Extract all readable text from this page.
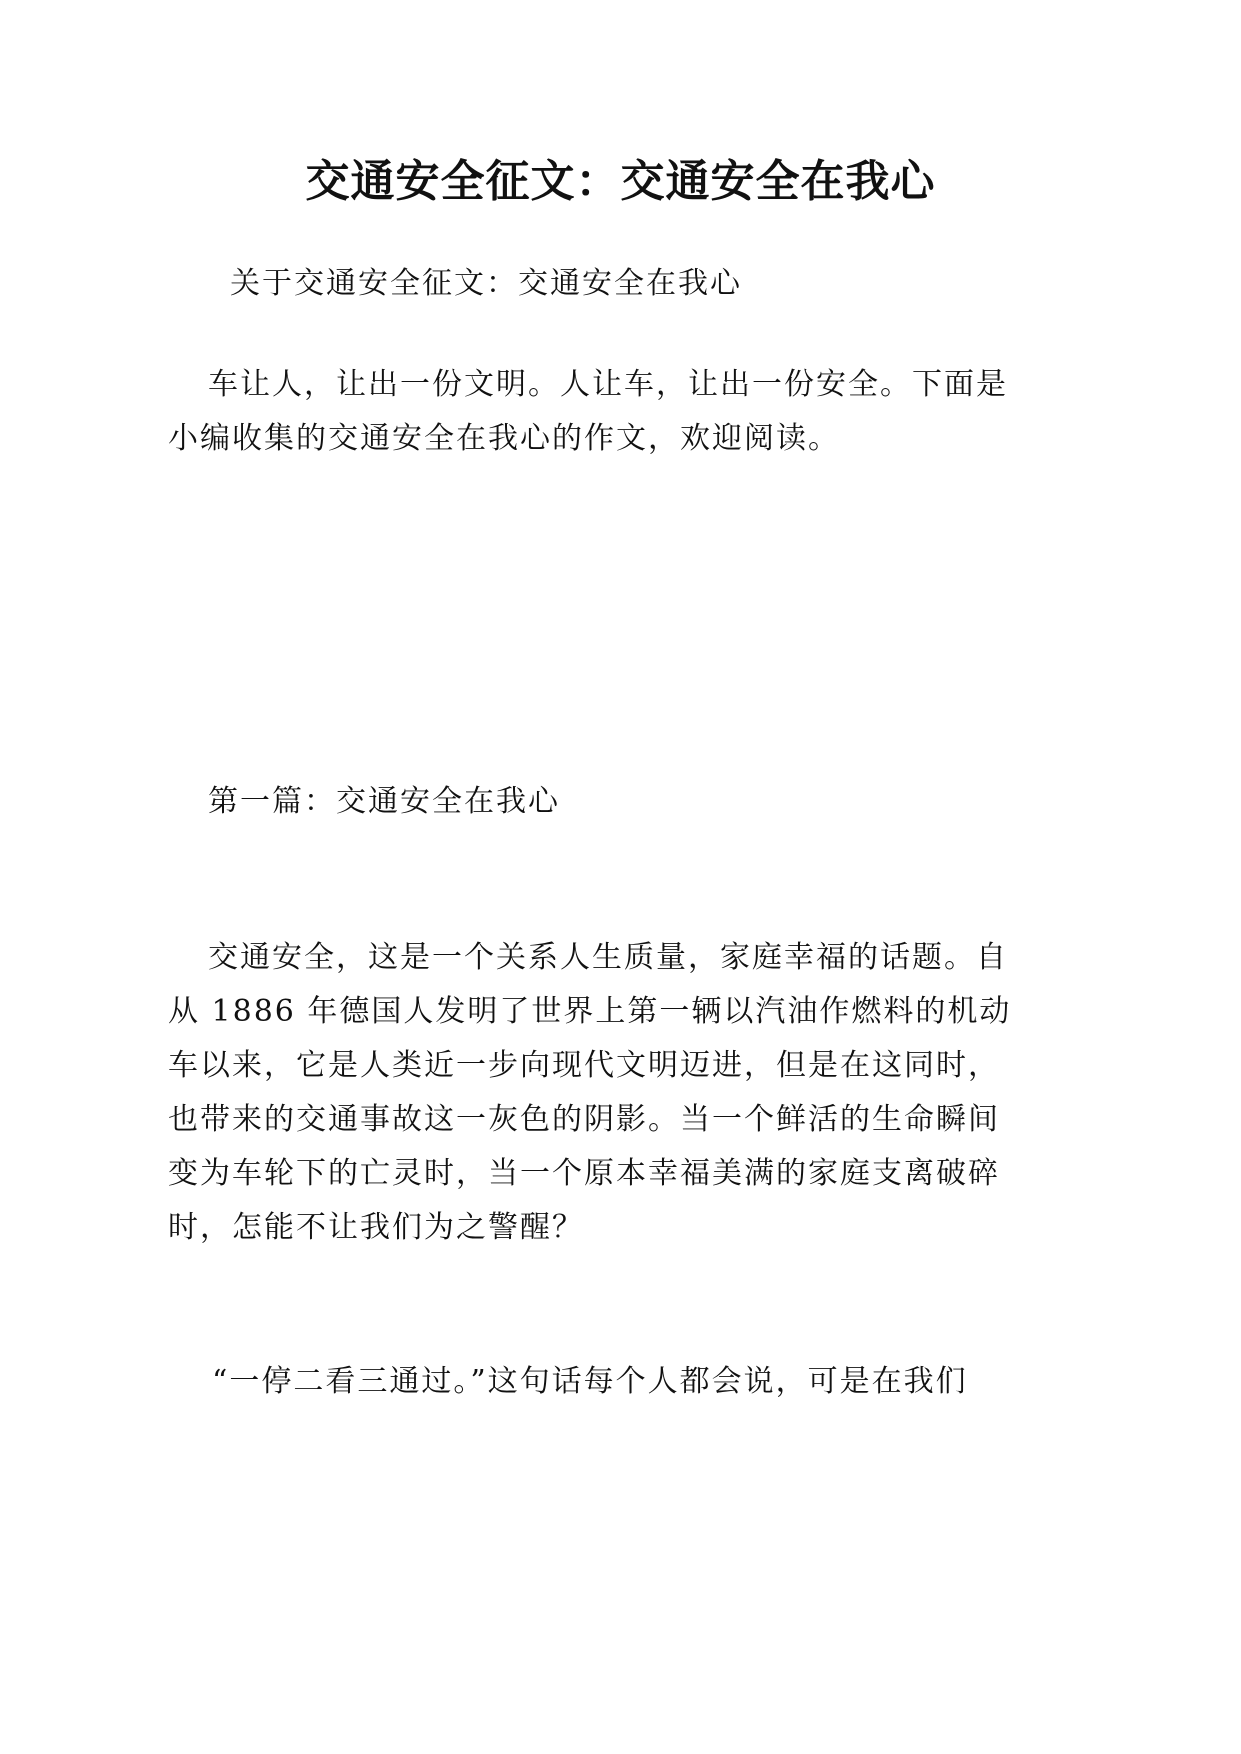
交通安全征文：交通安全在我心

关于交通安全征文：交通安全在我心

车让人，让出一份文明。人让车，让出一份安全。下面是

小编收集的交通安全在我心的作文，欢迎阅读。

第一篇：交通安全在我心

交通安全，这是一个关系人生质量，家庭幸福的话题。自

从 1886 年德国人发明了世界上第一辆以汽油作燃料的机动

车以来，它是人类近一步向现代文明迈进，但是在这同时，

也带来的交通事故这一灰色的阴影。当一个鲜活的生命瞬间

变为车轮下的亡灵时，当一个原本幸福美满的家庭支离破碎

时，怎能不让我们为之警醒？

“一停二看三通过。”这句话每个人都会说，可是在我们
